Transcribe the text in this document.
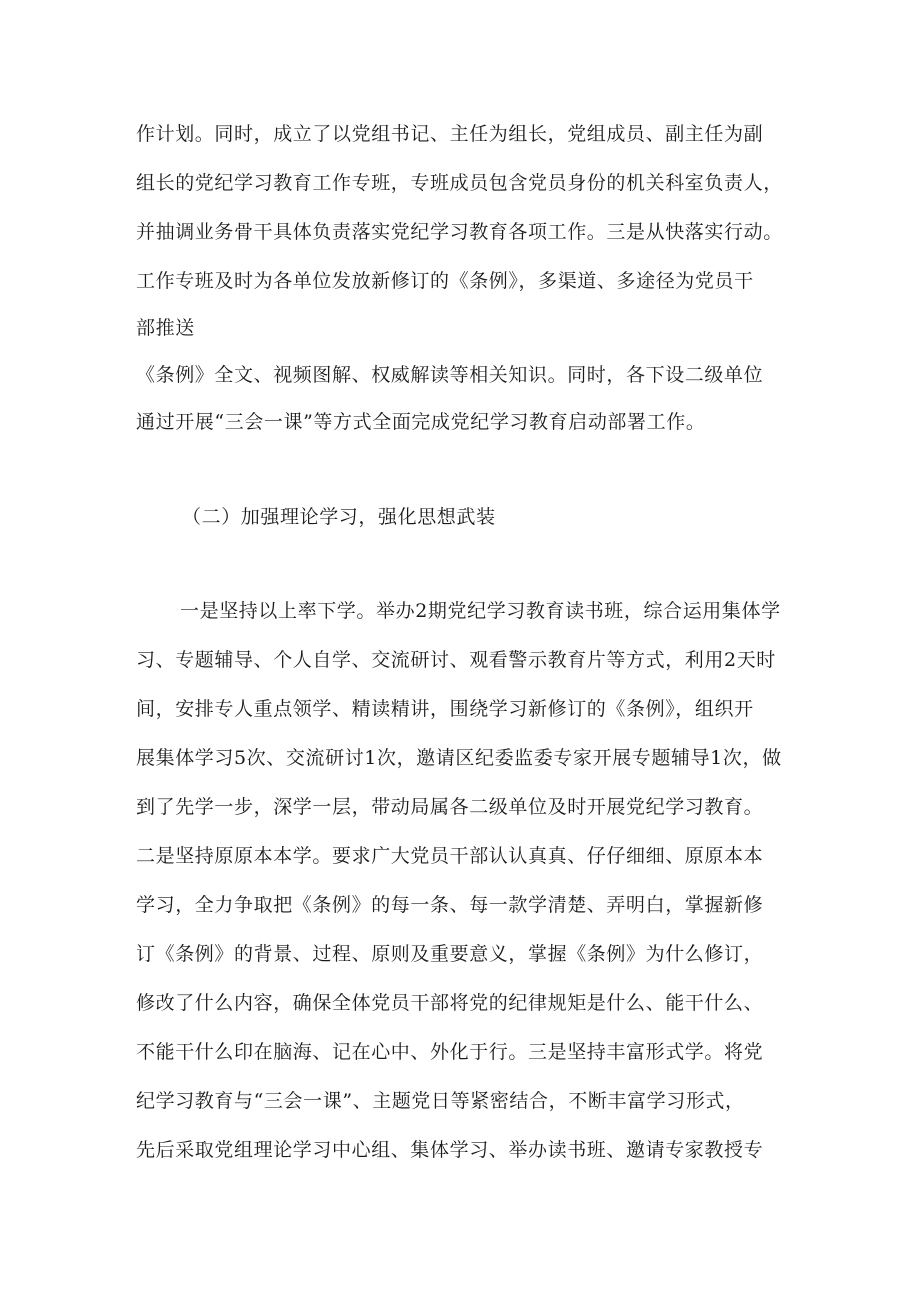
作计划。同时，成立了以党组书记、主任为组长，党组成员、副主任为副
组长的党纪学习教育工作专班，专班成员包含党员身份的机关科室负责人，
并抽调业务骨干具体负责落实党纪学习教育各项工作。三是从快落实行动。
工作专班及时为各单位发放新修订的《条例》，多渠道、多途径为党员干
部推送
《条例》全文、视频图解、权威解读等相关知识。同时，各下设二级单位
通过开展“三会一课”等方式全面完成党纪学习教育启动部署工作。
（二）加强理论学习，强化思想武装
一是坚持以上率下学。举办2期党纪学习教育读书班，综合运用集体学
习、专题辅导、个人自学、交流研讨、观看警示教育片等方式，利用2天时
间，安排专人重点领学、精读精讲，围绕学习新修订的《条例》，组织开
展集体学习5次、交流研讨1次，邀请区纪委监委专家开展专题辅导1次，做
到了先学一步，深学一层，带动局属各二级单位及时开展党纪学习教育。
二是坚持原原本本学。要求广大党员干部认认真真、仔仔细细、原原本本
学习，全力争取把《条例》的每一条、每一款学清楚、弄明白，掌握新修
订《条例》的背景、过程、原则及重要意义，掌握《条例》为什么修订，
修改了什么内容，确保全体党员干部将党的纪律规矩是什么、能干什么、
不能干什么印在脑海、记在心中、外化于行。三是坚持丰富形式学。将党
纪学习教育与“三会一课”、主题党日等紧密结合，不断丰富学习形式，
先后采取党组理论学习中心组、集体学习、举办读书班、邀请专家教授专
